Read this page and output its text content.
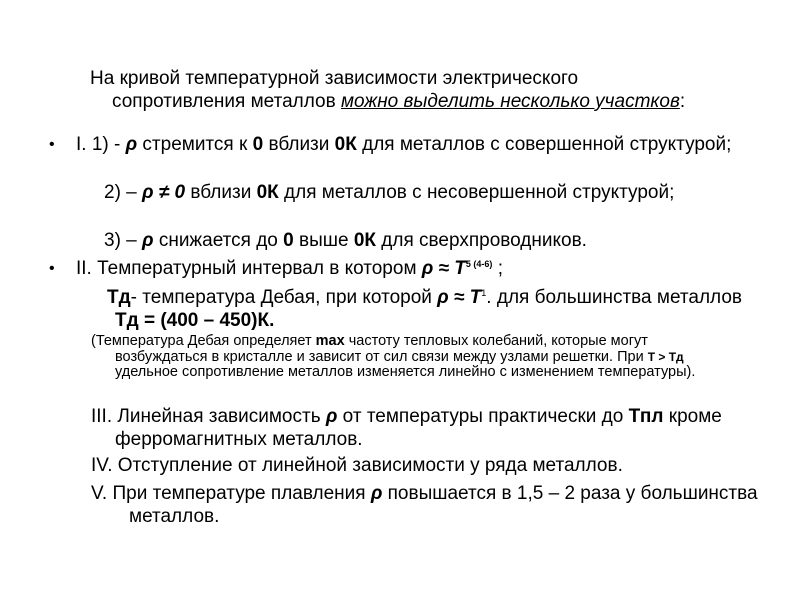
На кривой температурной зависимости электрического
сопротивления металлов можно выделить несколько участков:

• I. 1) - ρ стремится к 0 вблизи 0К для металлов с совершенной структурой;

2) – ρ ≠ 0 вблизи 0К для металлов с несовершенной структурой;

3) – ρ снижается до 0 выше 0К для сверхпроводников.

• II. Температурный интервал в котором $\rho \approx Т^{5 (4-6)}$ ;

Тд- температура Дебая, при которой $\rho \approx Т^1$. для большинства металлов Тд = (400 – 450)К.

(Температура Дебая определяет max частоту тепловых колебаний, которые могут возбуждаться в кристалле и зависит от сил связи между узлами решетки. При Т > Тд удельное сопротивление металлов изменяется линейно с изменением температуры).

III. Линейная зависимость ρ от температуры практически до Тпл кроме ферромагнитных металлов.

IV. Отступление от линейной зависимости у ряда металлов.

V. При температуре плавления ρ повышается в 1,5 – 2 раза у большинства металлов.
